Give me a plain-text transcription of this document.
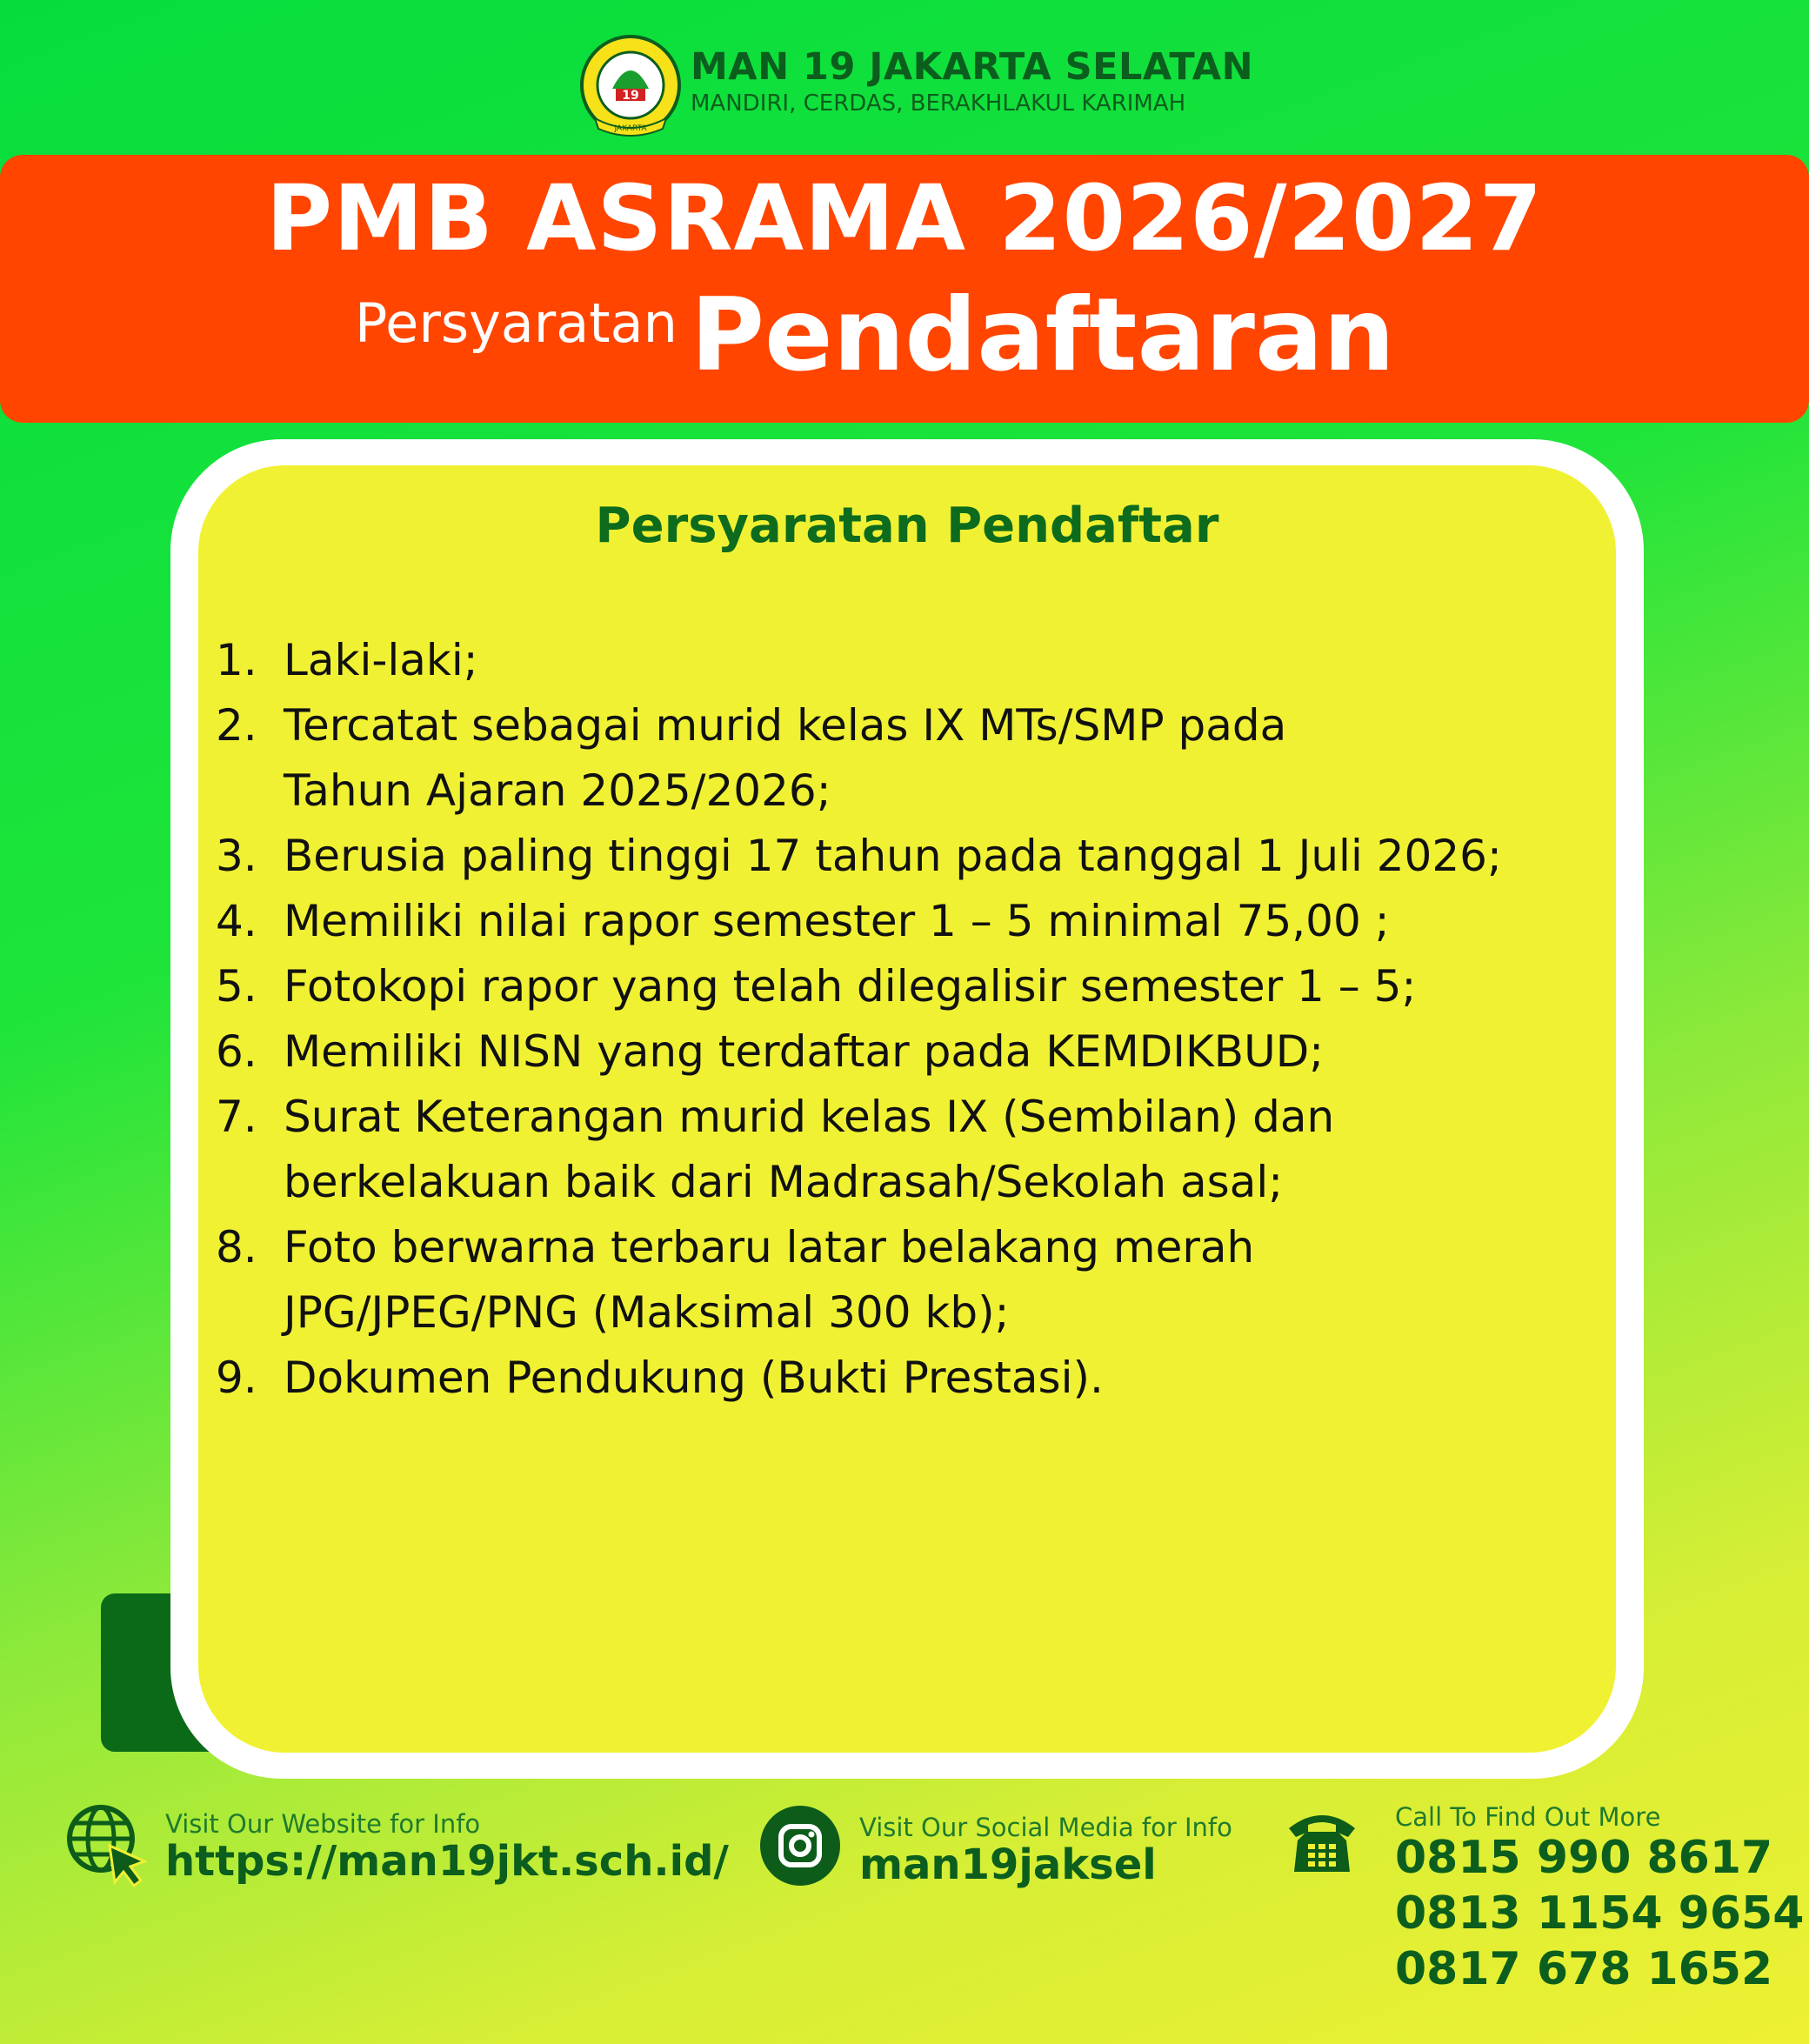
19
JAKARTA
MAN 19 JAKARTA SELATAN
MANDIRI, CERDAS, BERAKHLAKUL KARIMAH
PMB ASRAMA 2026/2027
Persyaratan Pendaftaran
Persyaratan Pendaftar
1. Laki-laki;
2. Tercatat sebagai murid kelas IX MTs/SMP pada
Tahun Ajaran 2025/2026;
3. Berusia paling tinggi 17 tahun pada tanggal 1 Juli 2026;
4. Memiliki nilai rapor semester 1 – 5 minimal 75,00 ;
5. Fotokopi rapor yang telah dilegalisir semester 1 – 5;
6. Memiliki NISN yang terdaftar pada KEMDIKBUD;
7. Surat Keterangan murid kelas IX (Sembilan) dan
berkelakuan baik dari Madrasah/Sekolah asal;
8. Foto berwarna terbaru latar belakang merah
JPG/JPEG/PNG (Maksimal 300 kb);
9. Dokumen Pendukung (Bukti Prestasi).
Visit Our Website for Info
https://man19jkt.sch.id/
Visit Our Social Media for Info
man19jaksel
Call To Find Out More
0815 990 8617
0813 1154 9654
0817 678 1652
